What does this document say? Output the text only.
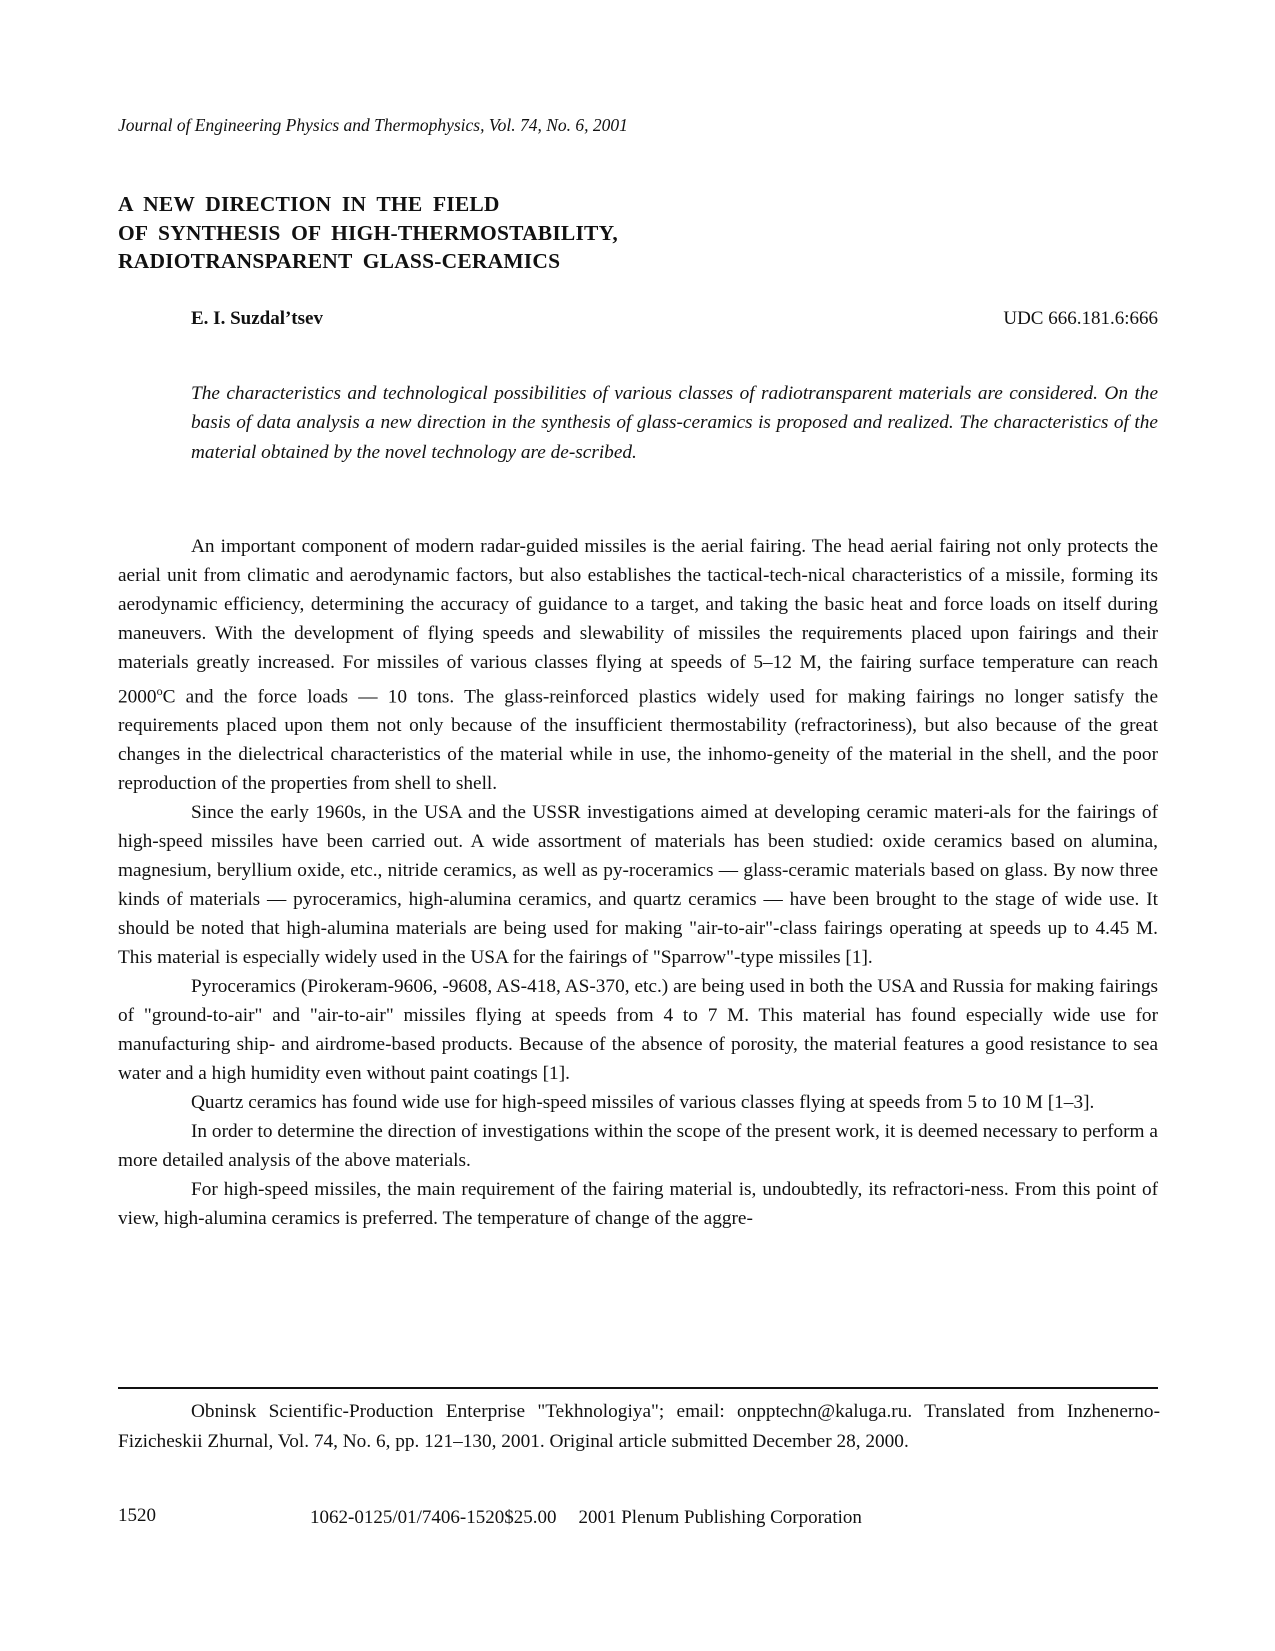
Journal of Engineering Physics and Thermophysics, Vol. 74, No. 6, 2001
A NEW DIRECTION IN THE FIELD
OF SYNTHESIS OF HIGH-THERMOSTABILITY,
RADIOTRANSPARENT GLASS-CERAMICS
E. I. Suzdal’tsev	UDC 666.181.6:666
The characteristics and technological possibilities of various classes of radiotransparent materials are considered. On the basis of data analysis a new direction in the synthesis of glass-ceramics is proposed and realized. The characteristics of the material obtained by the novel technology are de-scribed.

An important component of modern radar-guided missiles is the aerial fairing. The head aerial fairing not only protects the aerial unit from climatic and aerodynamic factors, but also establishes the tactical-tech-nical characteristics of a missile, forming its aerodynamic efficiency, determining the accuracy of guidance to a target, and taking the basic heat and force loads on itself during maneuvers. With the development of flying speeds and slewability of missiles the requirements placed upon fairings and their materials greatly increased. For missiles of various classes flying at speeds of 5–12 M, the fairing surface temperature can reach 2000$^o$C and the force loads — 10 tons. The glass-reinforced plastics widely used for making fairings no longer satisfy the requirements placed upon them not only because of the insufficient thermostability (refractoriness), but also because of the great changes in the dielectrical characteristics of the material while in use, the inhomo-geneity of the material in the shell, and the poor reproduction of the properties from shell to shell.

Since the early 1960s, in the USA and the USSR investigations aimed at developing ceramic materi-als for the fairings of high-speed missiles have been carried out. A wide assortment of materials has been studied: oxide ceramics based on alumina, magnesium, beryllium oxide, etc., nitride ceramics, as well as py-roceramics — glass-ceramic materials based on glass. By now three kinds of materials — pyroceramics, high-alumina ceramics, and quartz ceramics — have been brought to the stage of wide use. It should be noted that high-alumina materials are being used for making "air-to-air"-class fairings operating at speeds up to 4.45 M. This material is especially widely used in the USA for the fairings of "Sparrow"-type missiles [1].

Pyroceramics (Pirokeram-9606, -9608, AS-418, AS-370, etc.) are being used in both the USA and Russia for making fairings of "ground-to-air" and "air-to-air" missiles flying at speeds from 4 to 7 M. This material has found especially wide use for manufacturing ship- and airdrome-based products. Because of the absence of porosity, the material features a good resistance to sea water and a high humidity even without paint coatings [1].

Quartz ceramics has found wide use for high-speed missiles of various classes flying at speeds from 5 to 10 M [1–3].

In order to determine the direction of investigations within the scope of the present work, it is deemed necessary to perform a more detailed analysis of the above materials.

For high-speed missiles, the main requirement of the fairing material is, undoubtedly, its refractori-ness. From this point of view, high-alumina ceramics is preferred. The temperature of change of the aggre-

Obninsk Scientific-Production Enterprise "Tekhnologiya"; email: onpptechn@kaluga.ru. Translated from Inzhenerno-Fizicheskii Zhurnal, Vol. 74, No. 6, pp. 121–130, 2001. Original article submitted December 28, 2000.

1520	1062-0125/01/7406-1520$25.00 2001 Plenum Publishing Corporation
